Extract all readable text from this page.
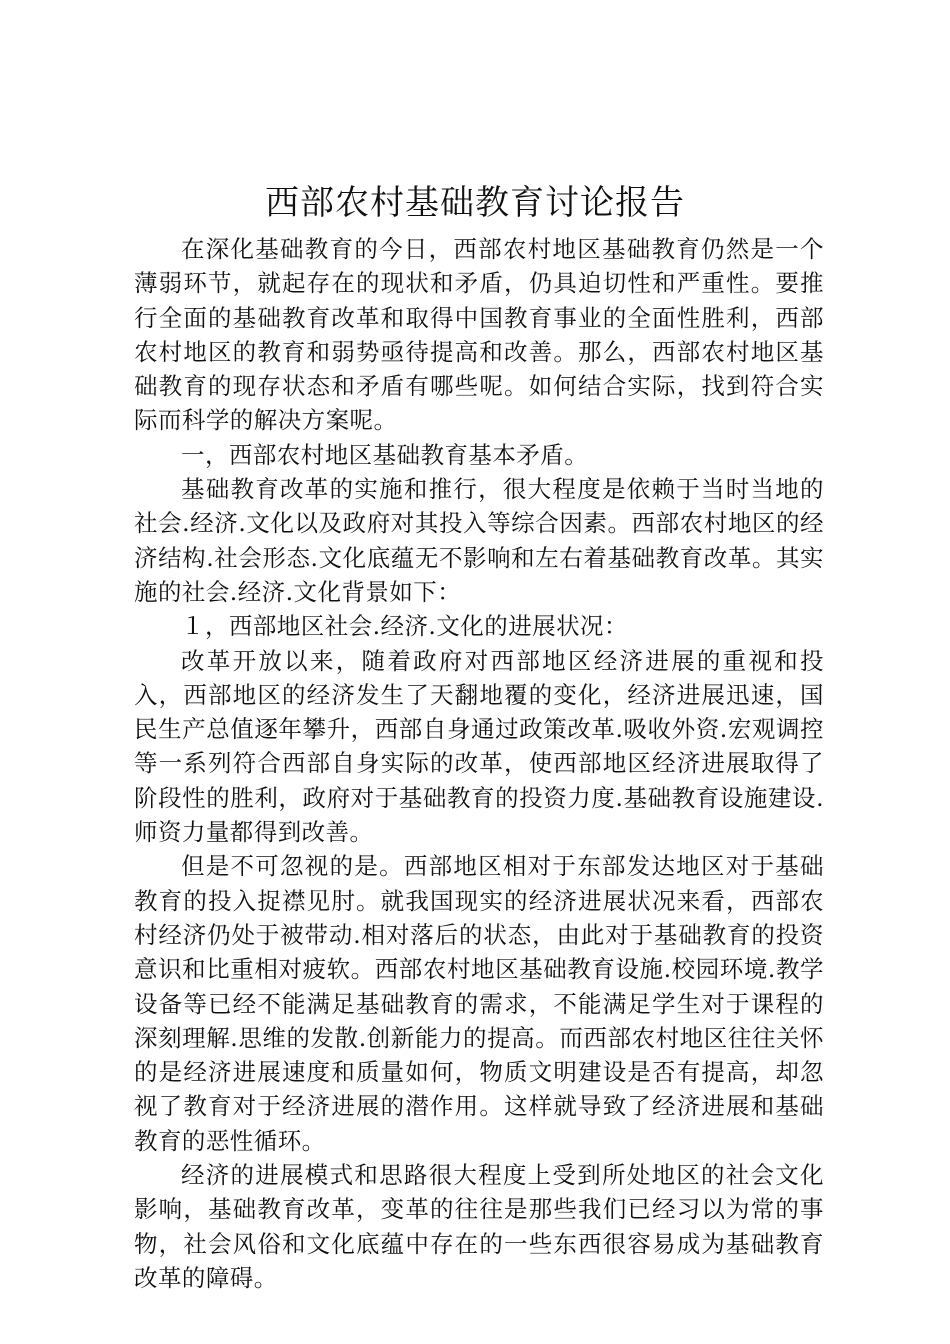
西部农村基础教育讨论报告

在深化基础教育的今日，西部农村地区基础教育仍然是一个薄弱环节，就起存在的现状和矛盾，仍具迫切性和严重性。要推行全面的基础教育改革和取得中国教育事业的全面性胜利，西部农村地区的教育和弱势亟待提高和改善。那么，西部农村地区基础教育的现存状态和矛盾有哪些呢。如何结合实际，找到符合实际而科学的解决方案呢。

一，西部农村地区基础教育基本矛盾。

基础教育改革的实施和推行，很大程度是依赖于当时当地的社会.经济.文化以及政府对其投入等综合因素。西部农村地区的经济结构.社会形态.文化底蕴无不影响和左右着基础教育改革。其实施的社会.经济.文化背景如下：

１，西部地区社会.经济.文化的进展状况：

改革开放以来，随着政府对西部地区经济进展的重视和投入，西部地区的经济发生了天翻地覆的变化，经济进展迅速，国民生产总值逐年攀升，西部自身通过政策改革.吸收外资.宏观调控等一系列符合西部自身实际的改革，使西部地区经济进展取得了阶段性的胜利，政府对于基础教育的投资力度.基础教育设施建设.师资力量都得到改善。

但是不可忽视的是。西部地区相对于东部发达地区对于基础教育的投入捉襟见肘。就我国现实的经济进展状况来看，西部农村经济仍处于被带动.相对落后的状态，由此对于基础教育的投资意识和比重相对疲软。西部农村地区基础教育设施.校园环境.教学设备等已经不能满足基础教育的需求，不能满足学生对于课程的深刻理解.思维的发散.创新能力的提高。而西部农村地区往往关怀的是经济进展速度和质量如何，物质文明建设是否有提高，却忽视了教育对于经济进展的潜作用。这样就导致了经济进展和基础教育的恶性循环。

经济的进展模式和思路很大程度上受到所处地区的社会文化影响，基础教育改革，变革的往往是那些我们已经习以为常的事物，社会风俗和文化底蕴中存在的一些东西很容易成为基础教育改革的障碍。
